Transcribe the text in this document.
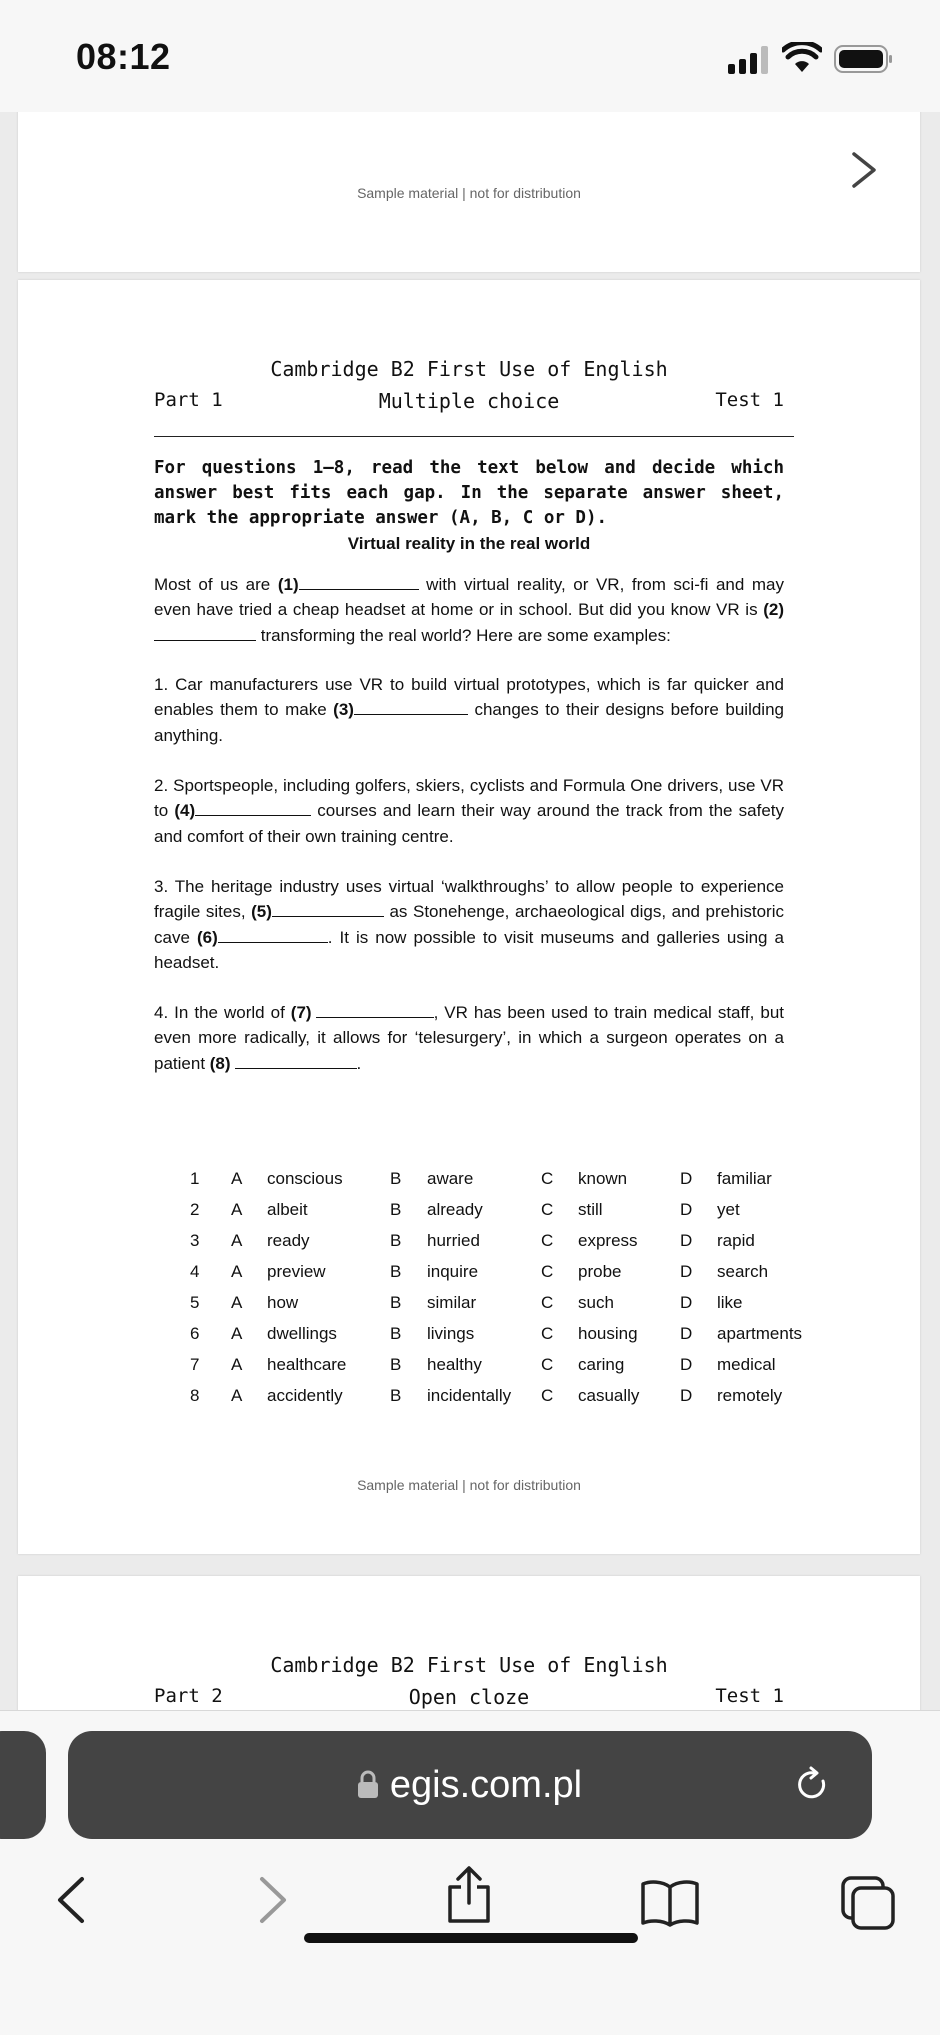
08:12
Sample material | not for distribution
Cambridge B2 First Use of English
Multiple choice
Part 1	Test 1
For questions 1–8, read the text below and decide which answer best fits each gap. In the separate answer sheet, mark the appropriate answer (A, B, C or D).
Virtual reality in the real world
Most of us are (1)	with virtual reality, or VR, from sci-fi and may even have tried a cheap headset at home or in school. But did you know VR is (2) transforming the real world? Here are some examples:
1. Car manufacturers use VR to build virtual prototypes, which is far quicker and enables them to make (3)	changes to their designs before building anything.
2. Sportspeople, including golfers, skiers, cyclists and Formula One drivers, use VR to (4)	courses and learn their way around the track from the safety and comfort of their own training centre.
3. The heritage industry uses virtual ‘walkthroughs’ to allow people to experience fragile sites, (5)	as Stonehenge, archaeological digs, and prehistoric cave (6)	. It is now possible to visit museums and galleries using a headset.
4. In the world of (7)	, VR has been used to train medical staff, but even more radically, it allows for ‘telesurgery’, in which a surgeon operates on a patient (8)	.
1 A conscious	B aware	C known	D familiar
2 A albeit	B already	C still	D yet
3 A ready	B hurried	C express D rapid
4 A preview	B inquire	C probe	D search
5 A how	B similar	C such	D like
6 A dwellings	B livings	C housing D apartments
7 A healthcare	B healthy	C caring	D medical
8 A accidently	B incidentally C casually D remotely
Sample material | not for distribution
Cambridge B2 First Use of English
Open cloze
Part 2	Test 1
egis.com.pl
